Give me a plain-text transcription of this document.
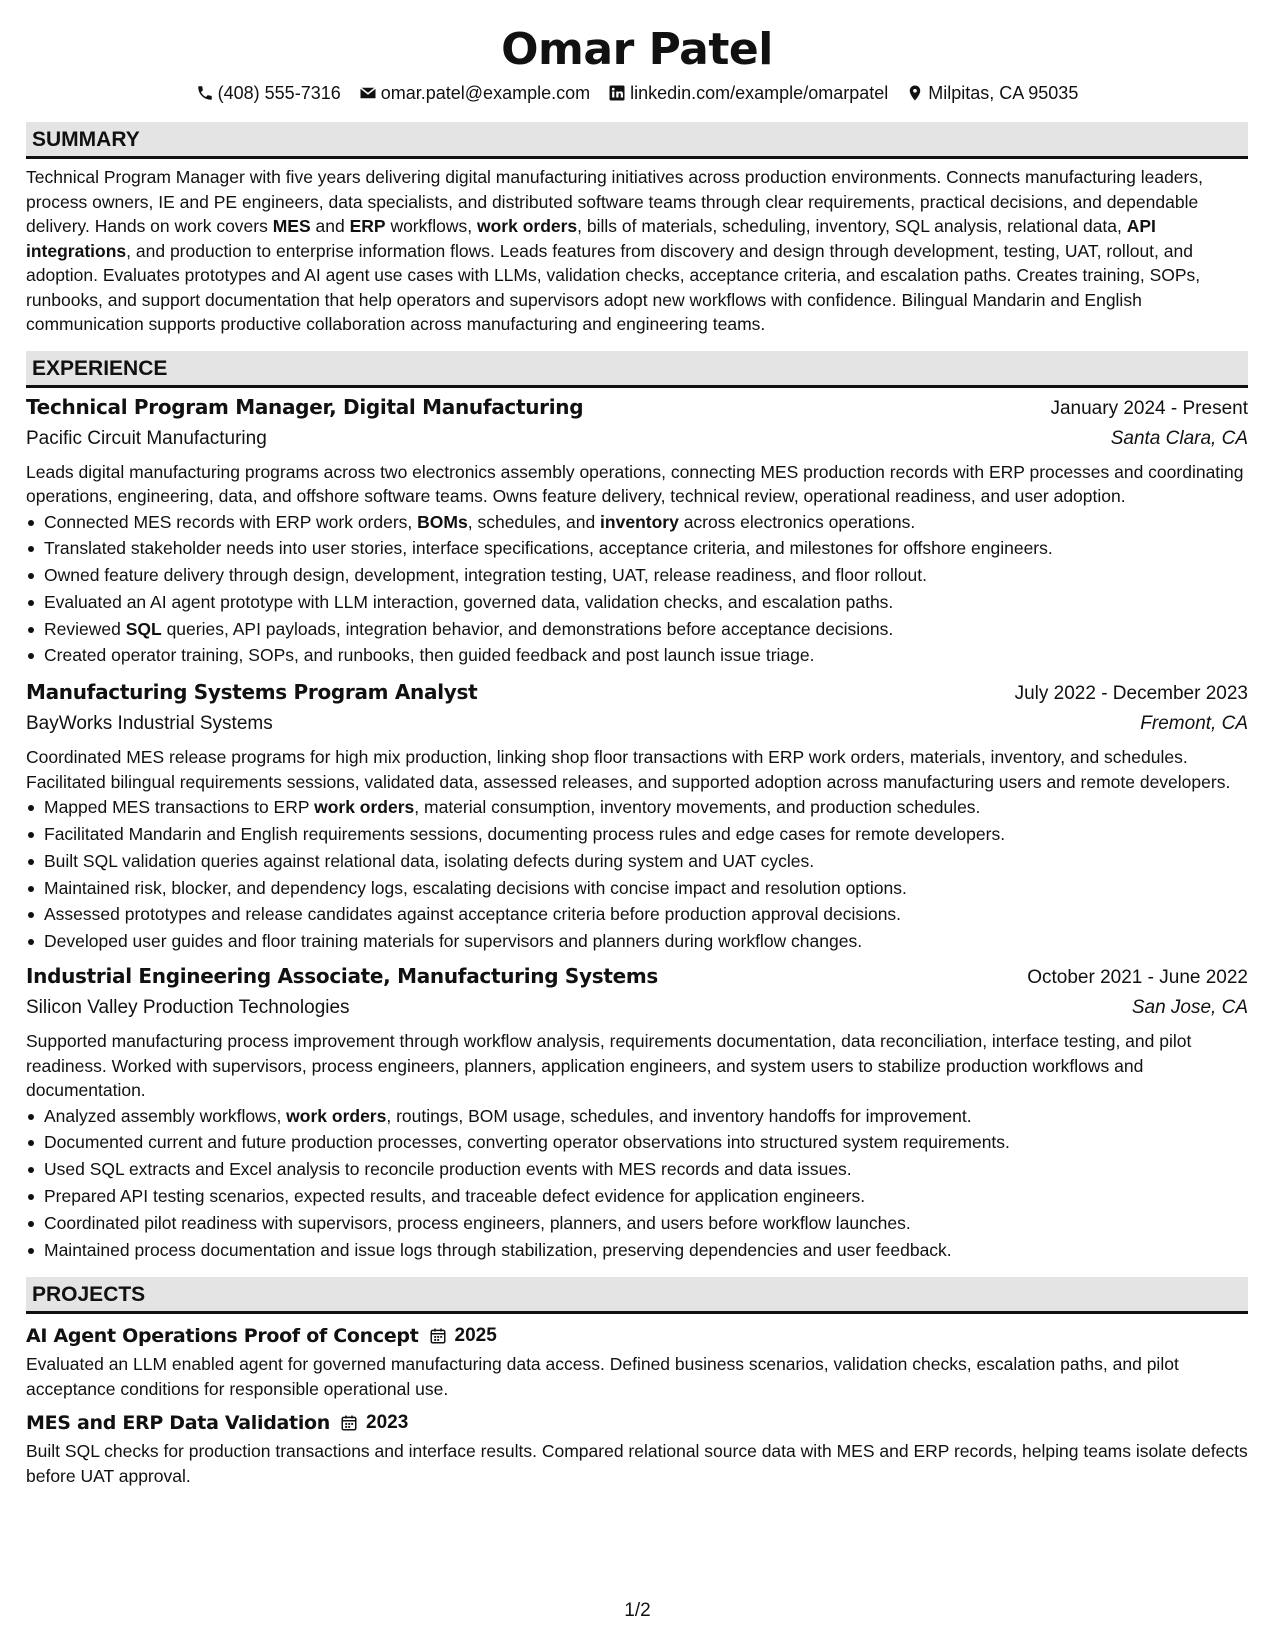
Omar Patel
(408) 555-7316 omar.patel@example.com linkedin.com/example/omarpatel Milpitas, CA 95035
SUMMARY
Technical Program Manager with five years delivering digital manufacturing initiatives across production environments. Connects manufacturing leaders, process owners, IE and PE engineers, data specialists, and distributed software teams through clear requirements, practical decisions, and dependable delivery. Hands on work covers MES and ERP workflows, work orders, bills of materials, scheduling, inventory, SQL analysis, relational data, API integrations, and production to enterprise information flows. Leads features from discovery and design through development, testing, UAT, rollout, and adoption. Evaluates prototypes and AI agent use cases with LLMs, validation checks, acceptance criteria, and escalation paths. Creates training, SOPs, runbooks, and support documentation that help operators and supervisors adopt new workflows with confidence. Bilingual Mandarin and English communication supports productive collaboration across manufacturing and engineering teams.
EXPERIENCE
Technical Program Manager, Digital Manufacturing	January 2024 - Present
Pacific Circuit Manufacturing	Santa Clara, CA
Leads digital manufacturing programs across two electronics assembly operations, connecting MES production records with ERP processes and coordinating operations, engineering, data, and offshore software teams. Owns feature delivery, technical review, operational readiness, and user adoption.
Connected MES records with ERP work orders, BOMs, schedules, and inventory across electronics operations.
Translated stakeholder needs into user stories, interface specifications, acceptance criteria, and milestones for offshore engineers.
Owned feature delivery through design, development, integration testing, UAT, release readiness, and floor rollout.
Evaluated an AI agent prototype with LLM interaction, governed data, validation checks, and escalation paths.
Reviewed SQL queries, API payloads, integration behavior, and demonstrations before acceptance decisions.
Created operator training, SOPs, and runbooks, then guided feedback and post launch issue triage.
Manufacturing Systems Program Analyst	July 2022 - December 2023
BayWorks Industrial Systems	Fremont, CA
Coordinated MES release programs for high mix production, linking shop floor transactions with ERP work orders, materials, inventory, and schedules. Facilitated bilingual requirements sessions, validated data, assessed releases, and supported adoption across manufacturing users and remote developers.
Mapped MES transactions to ERP work orders, material consumption, inventory movements, and production schedules.
Facilitated Mandarin and English requirements sessions, documenting process rules and edge cases for remote developers.
Built SQL validation queries against relational data, isolating defects during system and UAT cycles.
Maintained risk, blocker, and dependency logs, escalating decisions with concise impact and resolution options.
Assessed prototypes and release candidates against acceptance criteria before production approval decisions.
Developed user guides and floor training materials for supervisors and planners during workflow changes.
Industrial Engineering Associate, Manufacturing Systems	October 2021 - June 2022
Silicon Valley Production Technologies	San Jose, CA
Supported manufacturing process improvement through workflow analysis, requirements documentation, data reconciliation, interface testing, and pilot readiness. Worked with supervisors, process engineers, planners, application engineers, and system users to stabilize production workflows and documentation.
Analyzed assembly workflows, work orders, routings, BOM usage, schedules, and inventory handoffs for improvement.
Documented current and future production processes, converting operator observations into structured system requirements.
Used SQL extracts and Excel analysis to reconcile production events with MES records and data issues.
Prepared API testing scenarios, expected results, and traceable defect evidence for application engineers.
Coordinated pilot readiness with supervisors, process engineers, planners, and users before workflow launches.
Maintained process documentation and issue logs through stabilization, preserving dependencies and user feedback.
PROJECTS
AI Agent Operations Proof of Concept 2025
Evaluated an LLM enabled agent for governed manufacturing data access. Defined business scenarios, validation checks, escalation paths, and pilot acceptance conditions for responsible operational use.
MES and ERP Data Validation 2023
Built SQL checks for production transactions and interface results. Compared relational source data with MES and ERP records, helping teams isolate defects before UAT approval.
1/2
